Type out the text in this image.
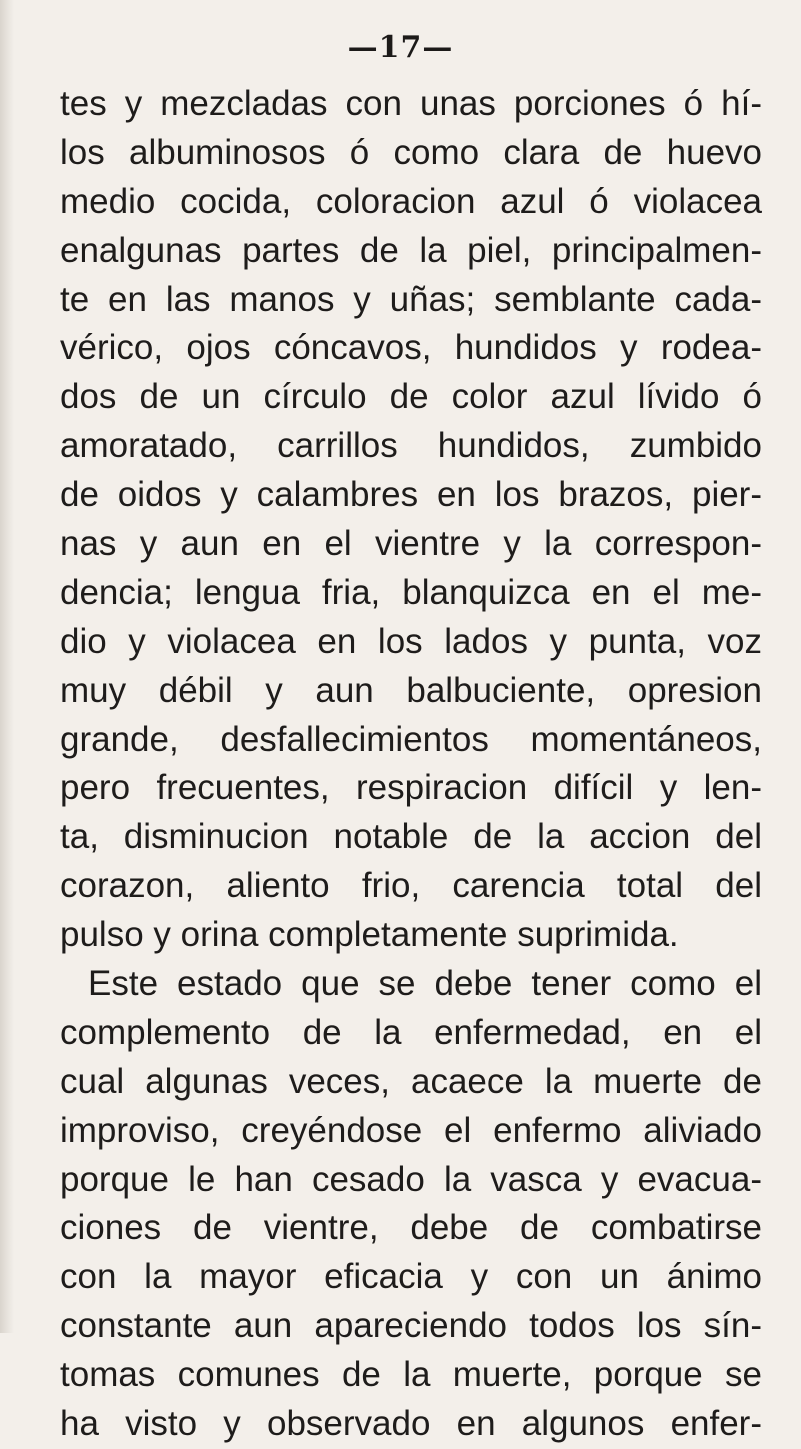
—17—
tes y mezcladas con unas porciones ó hí-
los albuminosos ó como clara de huevo
medio cocida, coloracion azul ó violacea
enalgunas partes de la piel, principalmen-
te en las manos y uñas; semblante cada-
vérico, ojos cóncavos, hundidos y rodea-
dos de un círculo de color azul lívido ó
amoratado, carrillos hundidos, zumbido
de oidos y calambres en los brazos, pier-
nas y aun en el vientre y la correspon-
dencia; lengua fria, blanquizca en el me-
dio y violacea en los lados y punta, voz
muy débil y aun balbuciente, opresion
grande, desfallecimientos momentáneos,
pero frecuentes, respiracion difícil y len-
ta, disminucion notable de la accion del
corazon, aliento frio, carencia total del
pulso y orina completamente suprimida.
Este estado que se debe tener como el
complemento de la enfermedad, en el
cual algunas veces, acaece la muerte de
improviso, creyéndose el enfermo aliviado
porque le han cesado la vasca y evacua-
ciones de vientre, debe de combatirse
con la mayor eficacia y con un ánimo
constante aun apareciendo todos los sín-
tomas comunes de la muerte, porque se
ha visto y observado en algunos enfer-
